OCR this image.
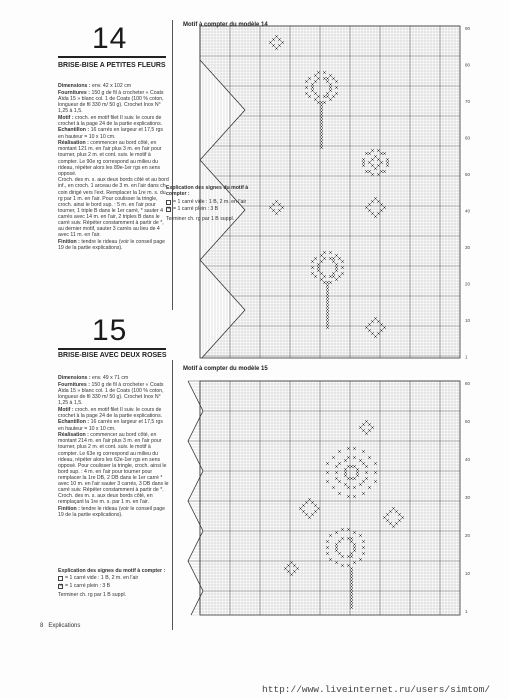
14
BRISE-BISE A PETITES FLEURS

Dimensions : env. 42 x 102 cm

Fournitures : 150 g de fil à crocheter « Coats Aïda 15 » blanc col. 1 de Coats (100 % coton, longueur de fil 330 m/ 50 g). Crochet Inox N° 1,25 à 1,5.

Motif : croch. en motif filet II suiv. le cours de crochet à la page 24 de la partie explications.

Echantillon : 16 carrés en largeur et 17,5 rgs en hauteur = 10 x 10 cm.

Réalisation : commencer au bord côté, en montant 121 m. en l'air plus 3 m. en l'air pour tourner, plus 2 m. et cont. suiv. le motif à compter. Le 90e rg correspond au milieu du rideau, répéter alors les 89e-1er rgs en sens opposé.

Croch. des m. s. aux deux bords côté et au bord inf., en croch. 1 arceau de 3 m. en l'air dans ch. coin dirigé vers l'ext. Remplacer la 1re m. s. du rg par 1 m. en l'air. Pour coulisser la tringle, croch. ainsi le bord sup. : 5 m. en l'air pour tourner, 1 triple B dans le 1er carré, * sauter 4 carrés avec 14 m. en l'air, 2 triples B dans le carré suiv. Répéter constamment à partir de *, au dernier motif, sauter 3 carrés au lieu de 4 avec 11 m. en l'air.

Finition : tendre le rideau (voir le conseil page 19 de la partie explications).

Motif à compter du modèle 14
90
80
70
60
50
40
30
20
10
1
Explication des signes du motif à compter :
= 1 carré vide : 1 B, 2 m. en l'air
×
= 1 carré plein : 3 B
Terminer ch. rg par 1 B suppl.
15
BRISE-BISE AVEC DEUX ROSES

Dimensions : env. 49 x 71 cm

Fournitures : 150 g de fil à crocheter « Coats Aïda 15 » blanc col. 1 de Coats (100 % coton, longueur de fil 330 m/ 50 g). Crochet Inox N° 1,25 à 1,5.

Motif : croch. en motif filet II suiv. le cours de crochet à la page 24 de la partie explications.

Echantillon : 16 carrés en largeur et 17,5 rgs en hauteur = 10 x 10 cm.

Réalisation : commencer au bord côté, en montant 214 m. en l'air plus 3 m. en l'air pour tourner, plus 2 m. et cont. suiv. le motif à compter. Le 63e rg correspond au milieu du rideau, répéter alors les 62e-1er rgs en sens opposé. Pour coulisser la tringle, croch. ainsi le bord sup. : 4 m. en l'air pour tourner pour remplacer la 1re DB, 2 DB dans le 1er carré * avec 10 m. en l'air sauter 3 carrés, 3 DB dans le carré suiv. Répéter constamment à partir de *. Croch. des m. s. aux deux bords côté, en remplaçant la 1re m. s. par 1 m. en l'air.

Finition : tendre le rideau (voir le conseil page 19 de la partie explications).

Motif à compter du modèle 15
60
50
40
30
20
10
1
Explication des signes du motif à compter :
= 1 carré vide : 1 B, 2 m. en l'air
×
= 1 carré plein : 3 B
Terminer ch. rg par 1 B suppl.
8 Explications
http://www.liveinternet.ru/users/simtom/
